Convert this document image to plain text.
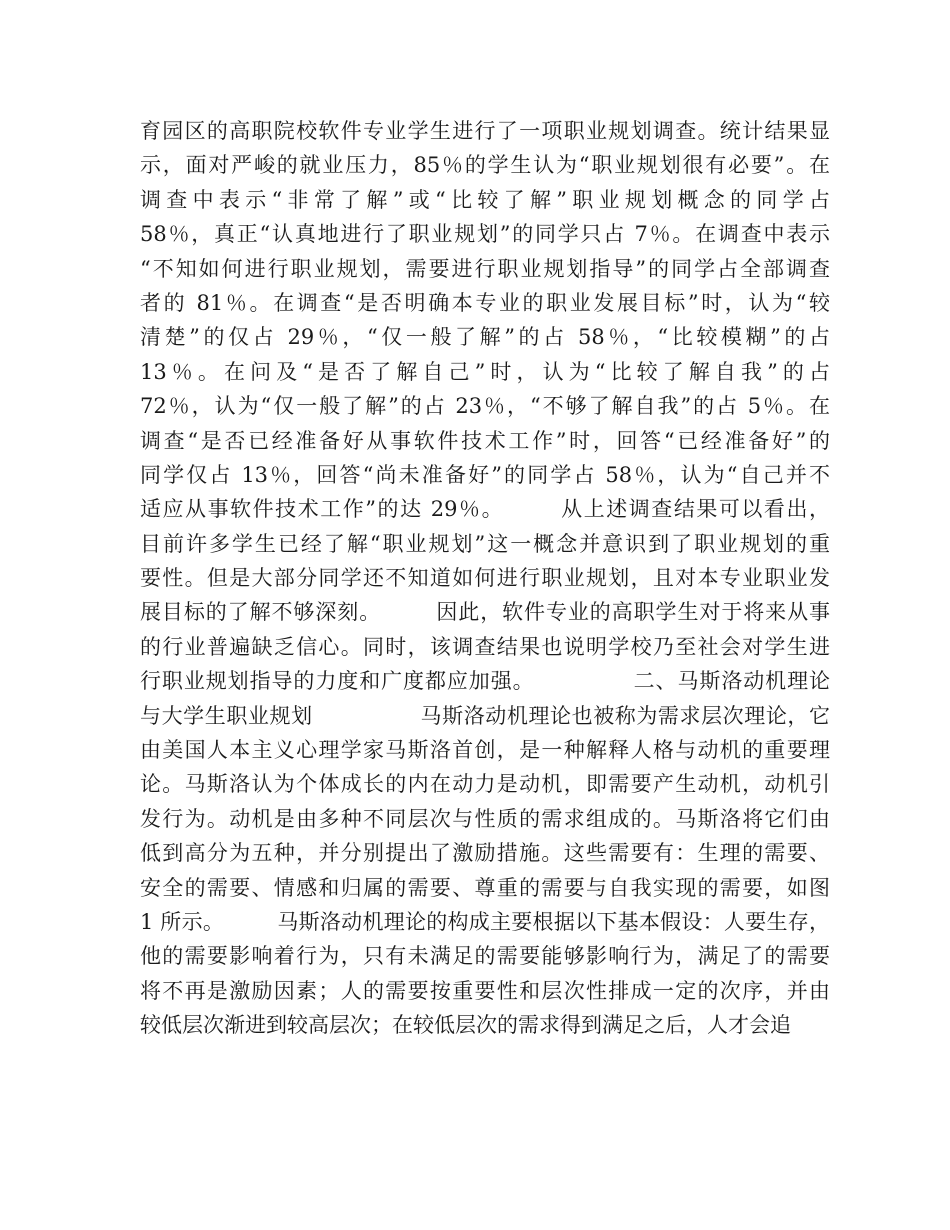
育园区的高职院校软件专业学生进行了一项职业规划调查。统计结果显
示，面对严峻的就业压力，85％的学生认为“职业规划很有必要”。在
调查中表示“非常了解”或“比较了解”职业规划概念的同学占
58％，真正“认真地进行了职业规划”的同学只占 7％。在调查中表示
“不知如何进行职业规划，需要进行职业规划指导”的同学占全部调查
者的 81％。在调查“是否明确本专业的职业发展目标”时，认为“较
清楚”的仅占 29％，“仅一般了解”的占 58％，“比较模糊”的占
13％。在问及“是否了解自己”时，认为“比较了解自我”的占
72％，认为“仅一般了解”的占 23％，“不够了解自我”的占 5％。在
调查“是否已经准备好从事软件技术工作”时，回答“已经准备好”的
同学仅占 13％，回答“尚未准备好”的同学占 58％，认为“自己并不
适应从事软件技术工作”的达 29％。　　　从上述调查结果可以看出，
目前许多学生已经了解“职业规划”这一概念并意识到了职业规划的重
要性。但是大部分同学还不知道如何进行职业规划，且对本专业职业发
展目标的了解不够深刻。　　　因此，软件专业的高职学生对于将来从事
的行业普遍缺乏信心。同时，该调查结果也说明学校乃至社会对学生进
行职业规划指导的力度和广度都应加强。　　　　　二、马斯洛动机理论
与大学生职业规划　　　　　马斯洛动机理论也被称为需求层次理论，它
由美国人本主义心理学家马斯洛首创，是一种解释人格与动机的重要理
论。马斯洛认为个体成长的内在动力是动机，即需要产生动机，动机引
发行为。动机是由多种不同层次与性质的需求组成的。马斯洛将它们由
低到高分为五种，并分别提出了激励措施。这些需要有：生理的需要、
安全的需要、情感和归属的需要、尊重的需要与自我实现的需要，如图
1 所示。　　　马斯洛动机理论的构成主要根据以下基本假设：人要生存，
他的需要影响着行为，只有未满足的需要能够影响行为，满足了的需要
将不再是激励因素；人的需要按重要性和层次性排成一定的次序，并由
较低层次渐进到较高层次；在较低层次的需求得到满足之后，人才会追
